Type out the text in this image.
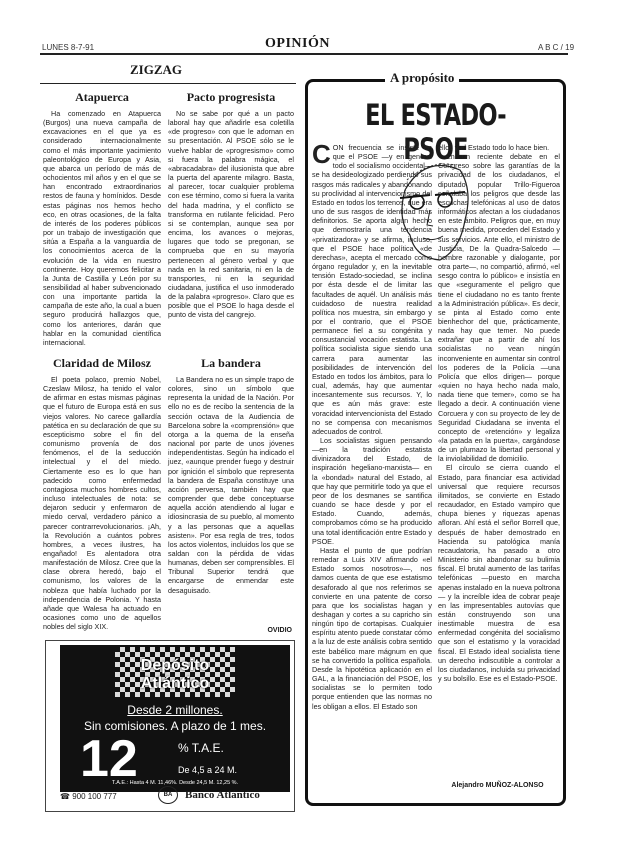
LUNES 8-7-91	OPINIÓN	A B C / 19
ZIGZAG
Atapuerca

Ha comenzado en Atapuerca (Burgos) una nueva campaña de excavaciones en el que ya es considerado internacionalmente como el más importante yacimiento paleontológico de Europa y Asia, que abarca un período de más de ochocientos mil años y en el que se han encontrado extraordinarios restos de fauna y homínidos. Desde estas páginas nos hemos hecho eco, en otras ocasiones, de la falta de interés de los poderes públicos por un trabajo de investigación que sitúa a España a la vanguardia de los conocimientos acerca de la evolución de la vida en nuestro continente. Hoy queremos felicitar a la Junta de Castilla y León por su sensibilidad al haber subvencionado con una importante partida la campaña de este año, la cual a buen seguro producirá hallazgos que, como los anteriores, darán que hablar en la comunidad científica internacional.

Pacto progresista

No se sabe por qué a un pacto laboral hay que añadirle esa coletilla «de progreso» con que le adornan en su presentación. Al PSOE sólo se le vuelve hablar de «progresismo» como si fuera la palabra mágica, el «abracadabra» del ilusionista que abre la puerta del aparente milagro. Basta, al parecer, tocar cualquier problema con ese término, como si fuera la varita del hada madrina, y el conflicto se transforma en rutilante felicidad. Pero si se contemplan, aunque sea por encima, los avances o mejoras, lugares que todo se pregonan, se comprueba que en su mayoría pertenecen al género verbal y que nada en la red sanitaria, ni en la de transportes, ni en la seguridad ciudadana, justifica el uso inmoderado de la palabra «progreso». Claro que es posible que el PSOE lo haga desde el punto de vista del cangrejo.

Claridad de Milosz

El poeta polaco, premio Nobel, Czeslaw Milosz, ha tenido el valor de afirmar en estas mismas páginas que el futuro de Europa está en sus viejos valores. No carece gallardía patética en su declaración de que su escepticismo sobre el fin del comunismo provenía de dos fenómenos, el de la seducción intelectual y el del miedo. Ciertamente eso es lo que han padecido como enfermedad contagiosa muchos hombres cultos, incluso intelectuales de nota: se dejaron seducir y enfermaron de miedo cerval, verdadero pánico a parecer contrarrevolucionarios. ¡Ah, la Revolución a cuántos pobres hombres, a veces ilustres, ha engañado! Es alentadora otra manifestación de Milosz. Cree que la clase obrera heredó, bajo el comunismo, los valores de la nobleza que había luchado por la independencia de Polonia. Y hasta añade que Walesa ha actuado en ocasiones como uno de aquellos nobles del siglo XIX.

La bandera

La Bandera no es un simple trapo de colores, sino un símbolo que representa la unidad de la Nación. Por ello no es de recibo la sentencia de la sección octava de la Audiencia de Barcelona sobre la «comprensión» que otorga a la quema de la enseña nacional por parte de unos jóvenes independentistas. Según ha indicado el juez, «aunque prender fuego y destruir por ignición el símbolo que representa la bandera de España constituye una acción perversa, también hay que comprender que debe conceptuarse aquella acción atendiendo al lugar e idiosincrasia de su pueblo, al momento y a las personas que a aquellas asisten». Por esa regla de tres, todos los actos violentos, incluidos los que se saldan con la pérdida de vidas humanas, deben ser comprensibles. El Tribunal Superior tendrá que encargarse de enmendar este desaguisado.

OVIDIO
Depósito Atlántico
Desde 2 millones.
Sin comisiones. A plazo de 1 mes.
12	% T.A.E.
De 4,5 a 24 M.
T.A.E.: Hasta 4 M. 11,46%. Desde 24,5 M. 12,25 %.
☎ 900 100 777	BA	Banco Atlántico
A propósito
EL ESTADO-PSOE

CON frecuencia se insiste en que el PSOE —y en general todo el socialismo occidental— se ha desideologizado perdiendo sus rasgos más radicales y abandonando su proclividad al intervencionismo del Estado en todos los terrenos, que era uno de sus rasgos de identidad más definitorios. Se aporta algún hecho que demostraría una tendencia «privatizadora» y se afirma, incluso, que el PSOE hace política «de derechas», acepta el mercado como órgano regulador y, en la inevitable tensión Estado-sociedad, se inclina por ésta desde el de limitar las facultades de aquél. Un análisis más cuidadoso de nuestra realidad política nos muestra, sin embargo y por el contrario, que el PSOE permanece fiel a su congénita y consustancial vocación estatista. La política socialista sigue siendo una carrera para aumentar las posibilidades de intervención del Estado en todos los ámbitos, para lo cual, además, hay que aumentar incesantemente sus recursos. Y, lo que es aún más grave: este voracidad intervencionista del Estado no se compensa con mecanismos adecuados de control.

Los socialistas siguen pensando —en la tradición estatista divinizadora del Estado, de inspiración hegeliano-marxista— en la «bondad» natural del Estado, al que hay que permitirle todo ya que el peor de los desmanes se santifica cuando se hace desde y por el Estado. Cuando, además, comprobamos cómo se ha producido una total identificación entre Estado y PSOE.

Hasta el punto de que podrían remedar a Luis XIV afirmando «el Estado somos nosotros»—, nos damos cuenta de que ese estatismo desaforado al que nos referimos se convierte en una patente de corso para que los socialistas hagan y deshagan y cortes a su capricho sin ningún tipo de cortapisas. Cualquier espíritu atento puede constatar cómo a la luz de este análisis cobra sentido este babélico mare mágnum en que se ha convertido la política española. Desde la hipotética aplicación en el GAL, a la financiación del PSOE, los socialistas se lo permiten todo porque entienden que las normas no les obligan a ellos. El Estado son

ellos y el Estado todo lo hace bien.

En un reciente debate en el Congreso sobre las garantías de la privacidad de los ciudadanos, el diputado popular Trillo-Figueroa señalaba los peligros que desde las escuchas telefónicas al uso de datos informáticos afectan a los ciudadanos en este ámbito. Peligros que, en muy buena medida, proceden del Estado y sus servicios. Ante ello, el ministro de Justicia, De la Quadra-Salcedo —hombre razonable y dialogante, por otra parte—, no compartió, afirmó, «el sesgo contra lo público» e insistía en que «seguramente el peligro que tiene el ciudadano no es tanto frente a la Administración pública». Es decir, se pinta al Estado como ente bienhechor del que, prácticamente, nada hay que temer. No puede extrañar que a partir de ahí los socialistas no vean ningún inconveniente en aumentar sin control los poderes de la Policía —una Policía que ellos dirigen— porque «quien no haya hecho nada malo, nada tiene que temer», como se ha llegado a decir. A continuación viene Corcuera y con su proyecto de ley de Seguridad Ciudadana se inventa el concepto de «retención» y legaliza «la patada en la puerta», cargándose de un plumazo la libertad personal y la inviolabilidad de domicilio.

El círculo se cierra cuando el Estado, para financiar esa actividad universal que requiere recursos ilimitados, se convierte en Estado recaudador, en Estado vampiro que chupa bienes y riquezas apenas afloran. Ahí está el señor Borrell que, después de haber demostrado en Hacienda su patológica manía recaudatoria, ha pasado a otro Ministerio sin abandonar su bulimia fiscal. El brutal aumento de las tarifas telefónicas —puesto en marcha apenas instalado en la nueva poltrona— y la increíble idea de cobrar peaje en las impresentables autovías que están construyendo son una inestimable muestra de esa enfermedad congénita del socialismo que son el estatismo y la voracidad fiscal. El Estado ideal socialista tiene un derecho indiscutible a controlar a los ciudadanos, incluida su privacidad y su bolsillo. Ese es el Estado-PSOE.

Alejandro MUÑOZ-ALONSO
